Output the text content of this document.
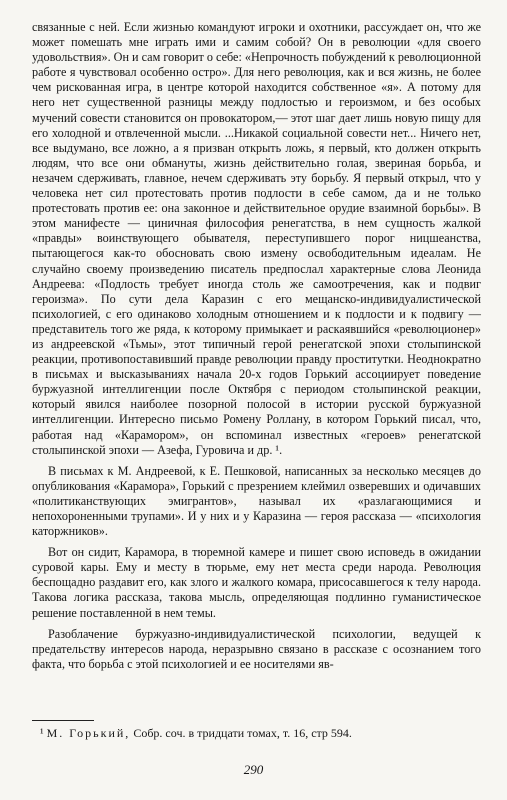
связанные с ней. Если жизнью командуют игроки и охотники, рассуждает он, что же может помешать мне играть ими и самим собой? Он в революции «для своего удовольствия». Он и сам говорит о себе: «Непрочность побуждений к революционной работе я чувствовал особенно остро». Для него революция, как и вся жизнь, не более чем рискованная игра, в центре которой находится собственное «я». А потому для него нет существенной разницы между подлостью и героизмом, и без особых мучений совести становится он провокатором,— этот шаг дает лишь новую пищу для его холодной и отвлеченной мысли. ...Никакой социальной совести нет... Ничего нет, все выдумано, все ложно, а я призван открыть ложь, я первый, кто должен открыть людям, что все они обмануты, жизнь действительно голая, звериная борьба, и незачем сдерживать, главное, нечем сдерживать эту борьбу. Я первый открыл, что у человека нет сил протестовать против подлости в себе самом, да и не только протестовать против ее: она законное и действительное орудие взаимной борьбы». В этом манифесте — циничная философия ренегатства, в нем сущность жалкой «правды» воинствующего обывателя, переступившего порог ницшеанства, пытающегося как-то обосновать свою измену освободительным идеалам. Не случайно своему произведению писатель предпослал характерные слова Леонида Андреева: «Подлость требует иногда столь же самоотречения, как и подвиг героизма». По сути дела Каразин с его мещанско-индивидуалистической психологией, с его одинаково холодным отношением и к подлости и к подвигу — представитель того же ряда, к которому примыкает и раскаявшийся «революционер» из андреевской «Тьмы», этот типичный герой ренегатской эпохи столыпинской реакции, противопоставивший правде революции правду проститутки. Неоднократно в письмах и высказываниях начала 20-х годов Горький ассоциирует поведение буржуазной интеллигенции после Октября с периодом столыпинской реакции, который явился наиболее позорной полосой в истории русской буржуазной интеллигенции. Интересно письмо Ромену Роллану, в котором Горький писал, что, работая над «Карамором», он вспоминал известных «героев» ренегатской столыпинской эпохи — Азефа, Гуровича и др. ¹.

В письмах к М. Андреевой, к Е. Пешковой, написанных за несколько месяцев до опубликования «Карамора», Горький с презрением клеймил озверевших и одичавших «политиканствующих эмигрантов», называл их «разлагающимися и непохороненными трупами». И у них и у Каразина — героя рассказа — «психология каторжников».

Вот он сидит, Карамора, в тюремной камере и пишет свою исповедь в ожидании суровой кары. Ему и месту в тюрьме, ему нет места среди народа. Революция беспощадно раздавит его, как злого и жалкого комара, присосавшегося к телу народа. Такова логика рассказа, такова мысль, определяющая подлинно гуманистическое решение поставленной в нем темы.

Разоблачение буржуазно-индивидуалистической психологии, ведущей к предательству интересов народа, неразрывно связано в рассказе с осознанием того факта, что борьба с этой психологией и ее носителями яв-

¹ М. Горький, Собр. соч. в тридцати томах, т. 16, стр 594.
290
